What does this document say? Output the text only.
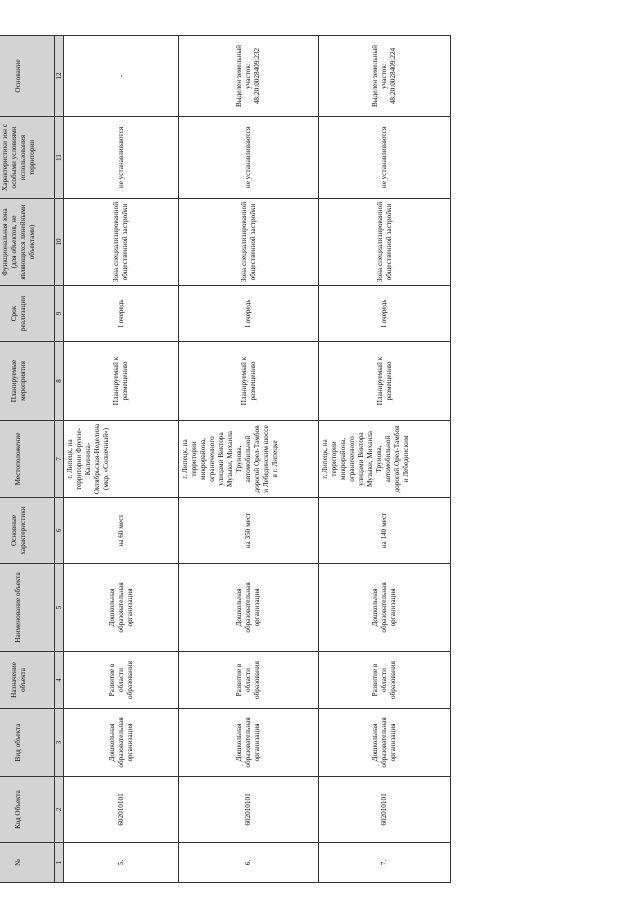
№	Код Объекта	Вид объекта	Назначение объекта	Наименование объекта	Основные характеристики	Местоположение	Планируемые мероприятия	Срок реализации	Функциональная зона (для объектов, не являющихся линейными объектами)	Характеристики зон с особыми условиями использования территории	Основание
1	2	3	4	5	6	7	8	9	10	11	12
5.	602010101	Дошкольная образовательная организация	Развитие в области образования	Дошкольная образовательная организация	на 60 мест	г. Липецк, на территории Фрунзе-Калинина-Октябрьская-Неделина (мкр. «Солнечный»)	Планируемый к размещению	I очередь	Зона специализированной общественной застройки	не устанавливаются	-
6.	602010101	Дошкольная образовательная организация	Развитие в области образования	Дошкольная образовательная организация	на 350 мест	г. Липецк, на территории микрорайона, ограниченного улицами Виктора Музыки, Михаила Трунова, автомобильной дорогой Орел-Тамбов и Лебединским шоссе в г. Липецке	Планируемый к размещению	I очередь	Зона специализированной общественной застройки	не устанавливаются	Выделен земельный участок: 48:20:0028409:232
7.	602010101	Дошкольная образовательная организация	Развитие в области образования	Дошкольная образовательная организация	на 140 мест	г. Липецк, на территории микрорайона, ограниченного улицами Виктора Музыки, Михаила Трунова, автомобильной дорогой Орел-Тамбов и Лебединским	Планируемый к размещению	I очередь	Зона специализированной общественной застройки	не устанавливаются	Выделен земельный участок: 48:20:0028409:224
